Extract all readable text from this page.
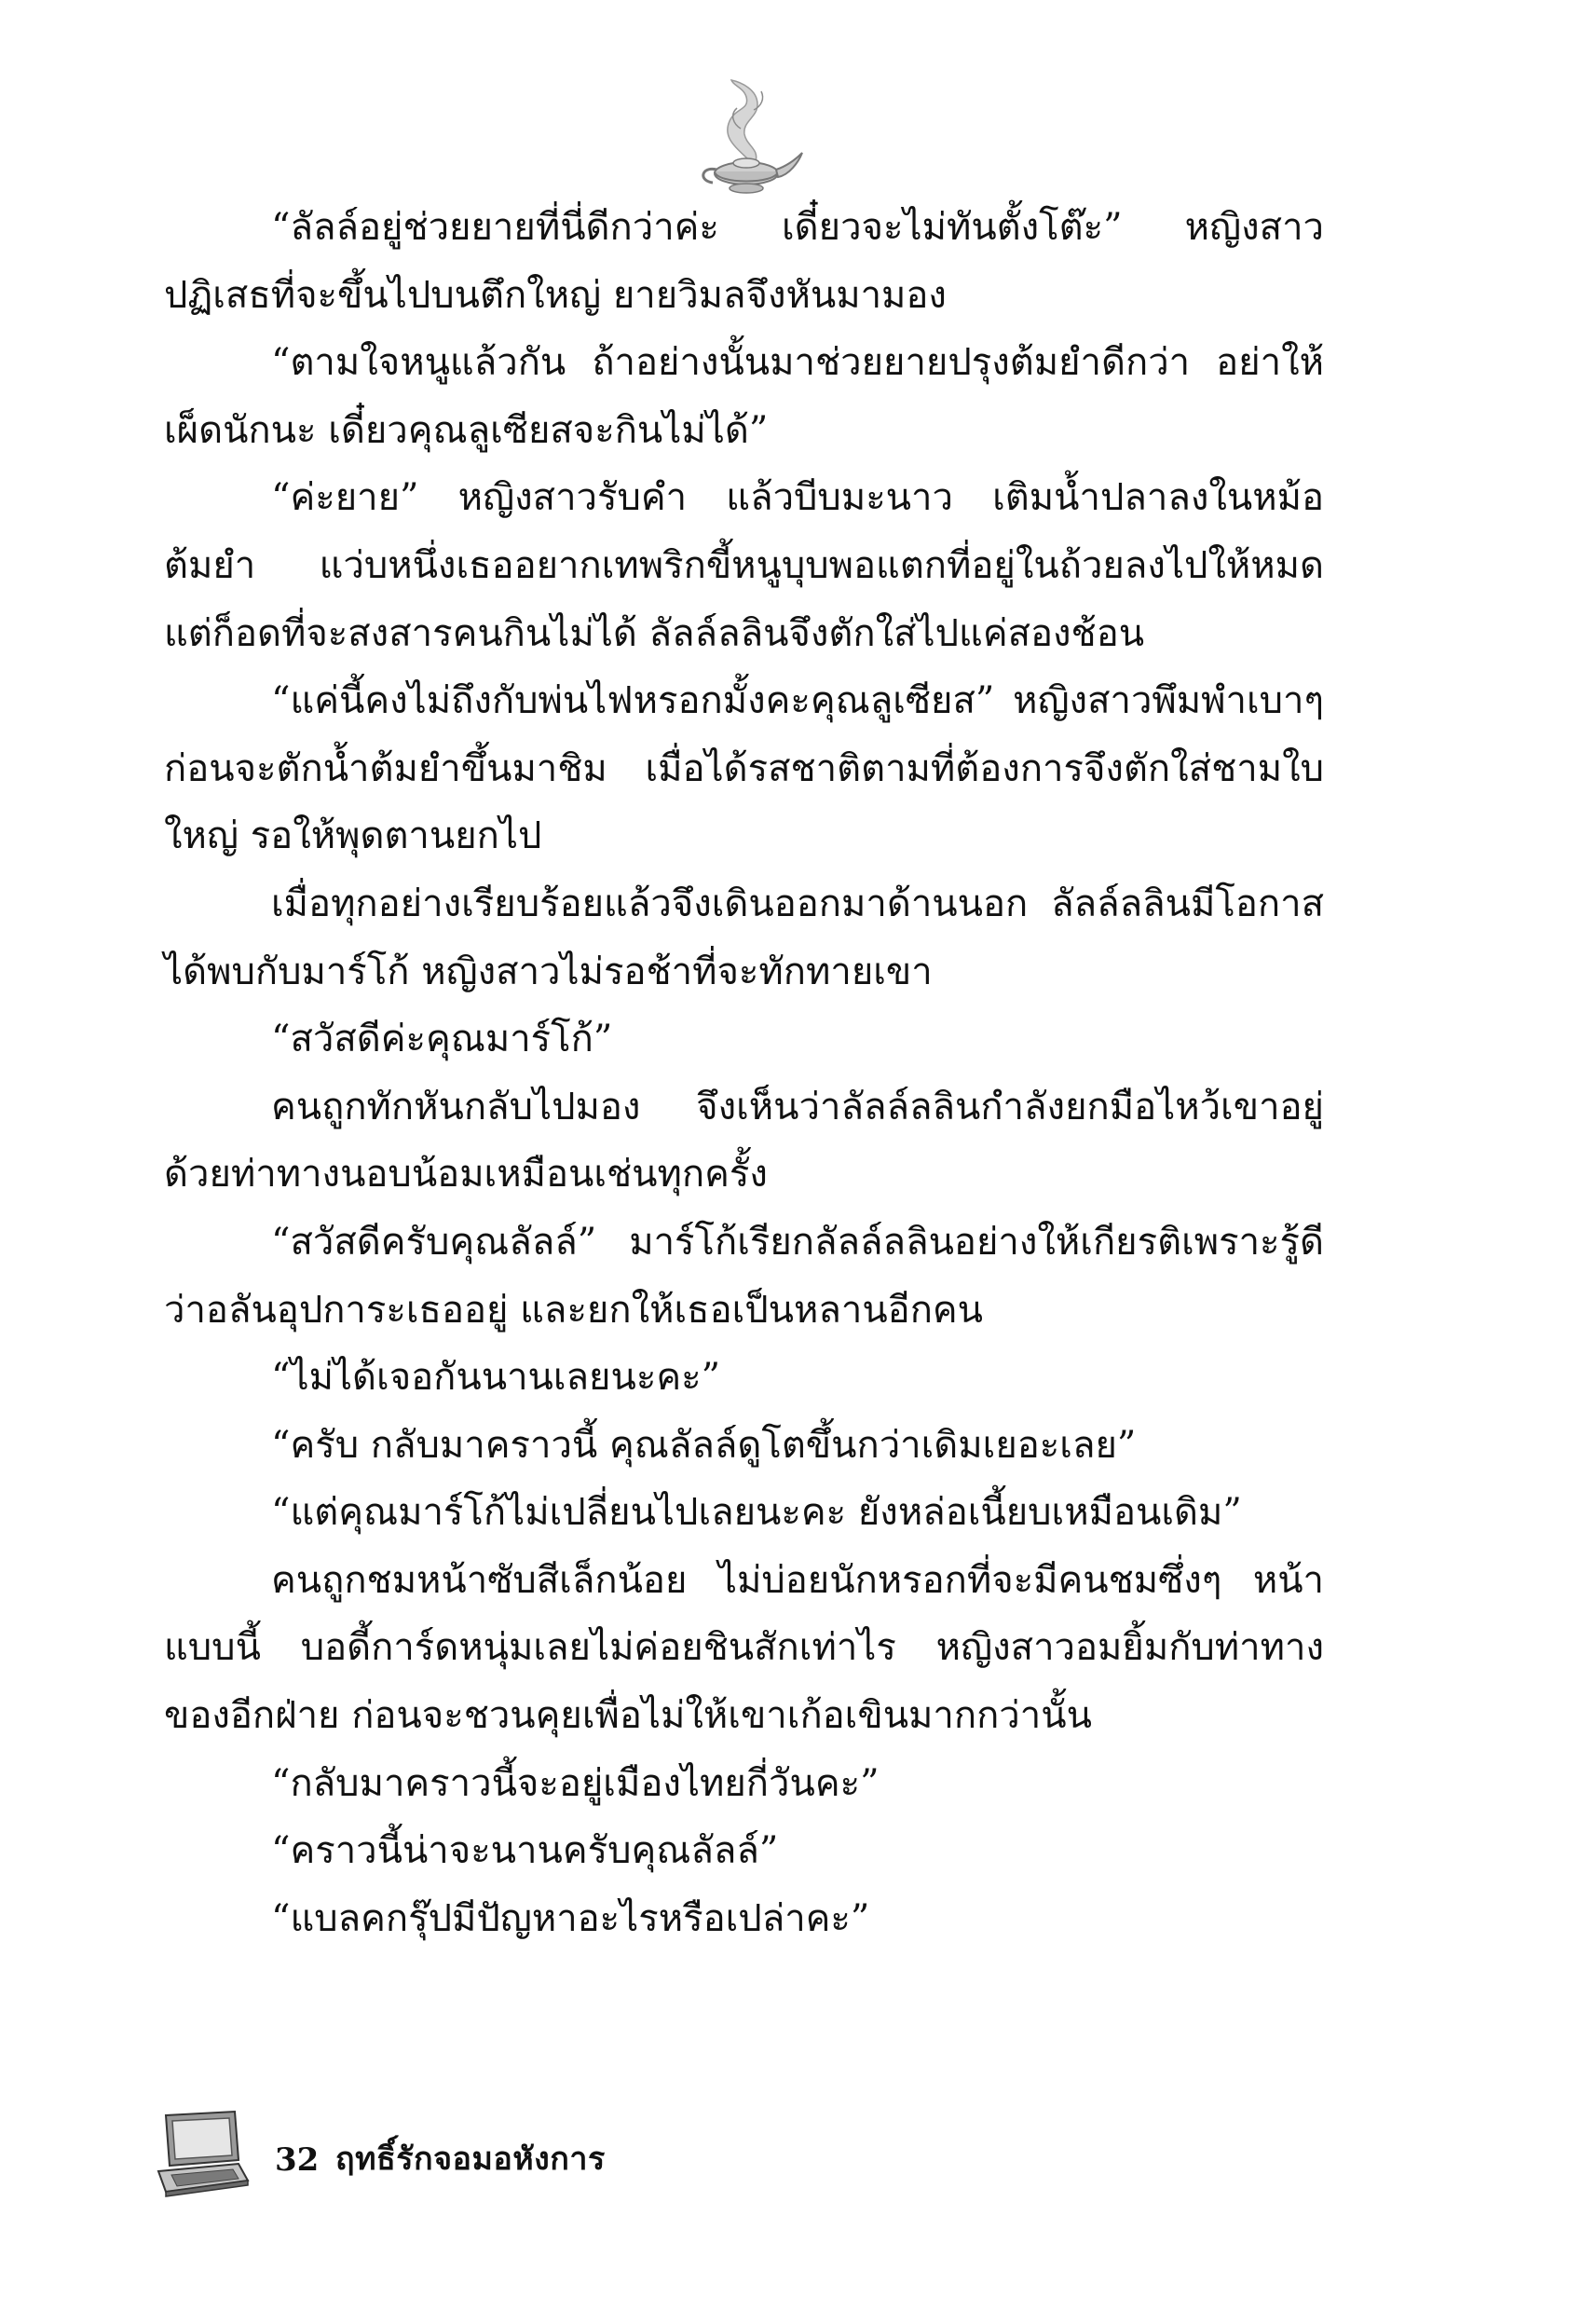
“ลัลล์อยู่ช่วยยายที่นี่ดีกว่าค่ะ เดี๋ยวจะไม่ทันตั้งโต๊ะ” หญิงสาวปฏิเสธที่จะขึ้นไปบนตึกใหญ่ ยายวิมลจึงหันมามอง

“ตามใจหนูแล้วกัน ถ้าอย่างนั้นมาช่วยยายปรุงต้มยำดีกว่า อย่าให้เผ็ดนักนะ เดี๋ยวคุณลูเซียสจะกินไม่ได้”

“ค่ะยาย” หญิงสาวรับคำ แล้วบีบมะนาว เติมน้ำปลาลงในหม้อต้มยำ แว่บหนึ่งเธออยากเทพริกขี้หนูบุบพอแตกที่อยู่ในถ้วยลงไปให้หมด แต่ก็อดที่จะสงสารคนกินไม่ได้ ลัลล์ลลินจึงตักใส่ไปแค่สองช้อน

“แค่นี้คงไม่ถึงกับพ่นไฟหรอกมั้งคะคุณลูเซียส” หญิงสาวพึมพำเบาๆ ก่อนจะตักน้ำต้มยำขึ้นมาชิม เมื่อได้รสชาติตามที่ต้องการจึงตักใส่ชามใบใหญ่ รอให้พุดตานยกไป

เมื่อทุกอย่างเรียบร้อยแล้วจึงเดินออกมาด้านนอก ลัลล์ลลินมีโอกาสได้พบกับมาร์โก้ หญิงสาวไม่รอช้าที่จะทักทายเขา

“สวัสดีค่ะคุณมาร์โก้”

คนถูกทักหันกลับไปมอง จึงเห็นว่าลัลล์ลลินกำลังยกมือไหว้เขาอยู่ด้วยท่าทางนอบน้อมเหมือนเช่นทุกครั้ง

“สวัสดีครับคุณลัลล์” มาร์โก้เรียกลัลล์ลลินอย่างให้เกียรติเพราะรู้ดีว่าอลันอุปการะเธออยู่ และยกให้เธอเป็นหลานอีกคน

“ไม่ได้เจอกันนานเลยนะคะ”

“ครับ กลับมาคราวนี้ คุณลัลล์ดูโตขึ้นกว่าเดิมเยอะเลย”

“แต่คุณมาร์โก้ไม่เปลี่ยนไปเลยนะคะ ยังหล่อเนี้ยบเหมือนเดิม”

คนถูกชมหน้าซับสีเล็กน้อย ไม่บ่อยนักหรอกที่จะมีคนชมซึ่งๆ หน้าแบบนี้ บอดี้การ์ดหนุ่มเลยไม่ค่อยชินสักเท่าไร หญิงสาวอมยิ้มกับท่าทางของอีกฝ่าย ก่อนจะชวนคุยเพื่อไม่ให้เขาเก้อเขินมากกว่านั้น

“กลับมาคราวนี้จะอยู่เมืองไทยกี่วันคะ”

“คราวนี้น่าจะนานครับคุณลัลล์”

“แบลคกรุ๊ปมีปัญหาอะไรหรือเปล่าคะ”

32 ฤทธิ์รักจอมอหังการ
